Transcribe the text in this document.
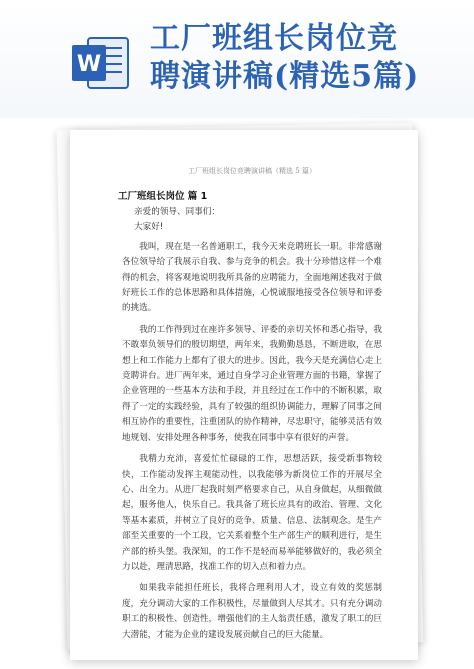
W
工厂班组长岗位竞
聘演讲稿(精选5篇)

工厂班组长岗位竞聘演讲稿（精选 5 篇）

工厂班组长岗位 篇 1

亲爱的领导、同事们：

大家好!

我叫，现在是一名普通职工，我今天来竞聘班长一职。非常感谢各位领导给了我展示自我、参与竞争的机会。我十分珍惜这样一个难得的机会，将客观地说明我所具备的应聘能力，全面地阐述我对于做好班长工作的总体思路和具体措施，心悦诚服地接受各位领导和评委的挑选。

我的工作得到过在座许多领导、评委的亲切关怀和悉心指导，我不敢辜负领导们的殷切期望，两年来，我勤勤恳恳，不断进取，在思想上和工作能力上都有了很大的进步。因此，我今天是充满信心走上竞聘讲台。进厂两年来，通过自身学习企业管理方面的书籍，掌握了企业管理的一些基本方法和手段，并且经过在工作中的不断积累，取得了一定的实践经验，具有了较强的组织协调能力，理解了同事之间相互协作的重要性，注重团队的协作精神，尽忠职守，能够灵活有效地规划、安排处理各种事务，使我在同事中享有很好的声誉。

我精力充沛，喜爱忙忙碌碌的工作，思想活跃，接受新事物较快，工作能动发挥主观能动性，以我能够为新岗位工作的开展尽全心、出全力。从进厂起我时刻严格要求自己，从自身做起，从细微做起，服务他人，快乐自己。我具备了班长应具有的政治、管理、文化等基本素质，并树立了良好的竞争、质量、信息、法制观念。是生产部至关重要的一个工段，它关系着整个生产部生产的顺利进行，是生产部的桥头堡。我深知，的工作不是轻而易举能够做好的，我必须全力以赴，理清思路，找准工作的切入点和着力点。

如果我幸能担任班长，我将合理利用人才，设立有效的奖惩制度，充分调动大家的工作积极性，尽量做到人尽其才。只有充分调动职工的积极性、创造性，增强他们的主人翁责任感，激发了职工的巨大潜能，才能为企业的建设发展贡献自己的巨大能量。
